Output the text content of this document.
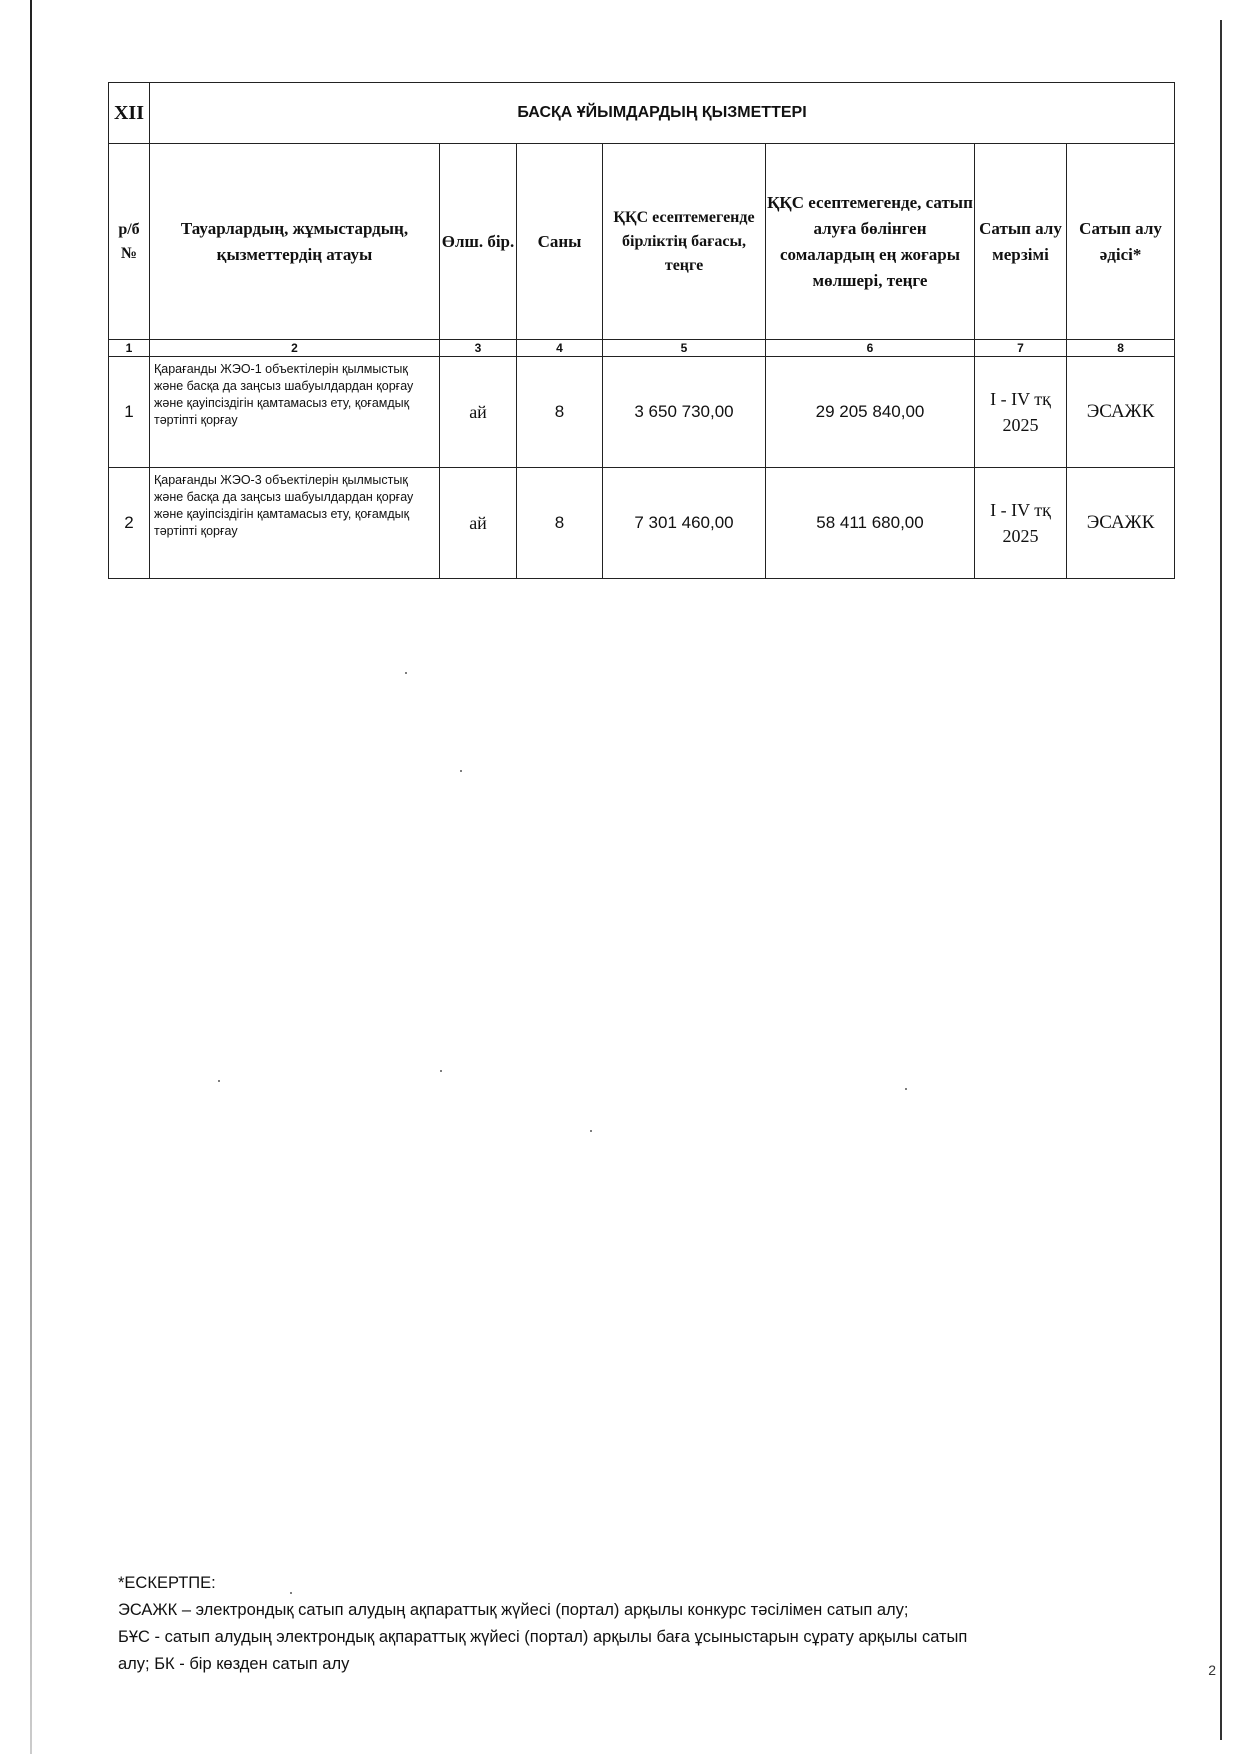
XII	БАСҚА ҰЙЫМДАРДЫҢ ҚЫЗМЕТТЕРІ						
р/б №	Тауарлардың, жұмыстардың, қызметтердің атауы	Өлш. бір.	Саны	ҚҚС есептемегенде бірліктің бағасы, теңге	ҚҚС есептемегенде, сатып алуға бөлінген сомалардың ең жоғары мөлшері, теңге	Сатып алу мерзімі	Сатып алу әдісі*
1	2	3	4	5	6	7	8
1	Қарағанды ЖЭО-1 объектілерін қылмыстық және басқа да заңсыз шабуылдардан қорғау және қауіпсіздігін қамтамасыз ету, қоғамдық тәртіпті қорғау	ай	8	3 650 730,00	29 205 840,00	I - IV тқ 2025	ЭСАЖК
2	Қарағанды ЖЭО-3 объектілерін қылмыстық және басқа да заңсыз шабуылдардан қорғау және қауіпсіздігін қамтамасыз ету, қоғамдық тәртіпті қорғау	ай	8	7 301 460,00	58 411 680,00	I - IV тқ 2025	ЭСАЖК
*ЕСКЕРТПЕ:
ЭСАЖК – электрондық сатып алудың ақпараттық жүйесі (портал) арқылы конкурс тәсілімен сатып алу;
БҰС - сатып алудың электрондық ақпараттық жүйесі (портал) арқылы баға ұсыныстарын сұрату арқылы сатып
алу; БК - бір көзден сатып алу	2
